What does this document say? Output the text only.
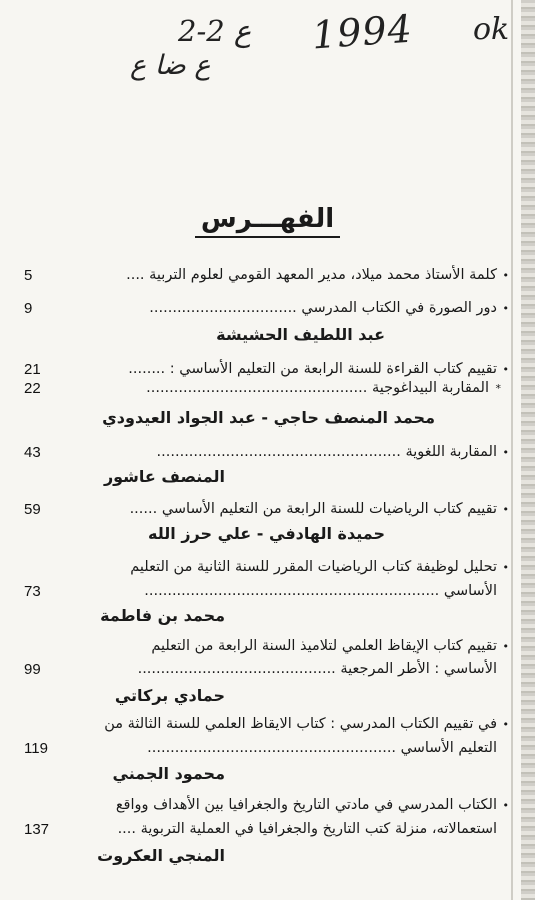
2-2 ع
ع ضا ع
1994 ok
الفهـــرس
•كلمة الأستاذ محمد ميلاد، مدير المعهد القومي لعلوم التربية ....
5
•دور الصورة في الكتاب المدرسي ................................
9
عبد اللطيف الحشيشة
•تقييم كتاب القراءة للسنة الرابعة من التعليم الأساسي : ........
21
*المقاربة البيداغوجية ................................................
22
محمد المنصف حاجي - عبد الجواد العيدودي
•المقاربة اللغوية .....................................................
43
المنصف عاشور
•تقييم كتاب الرياضيات للسنة الرابعة من التعليم الأساسي ......
59
حميدة الهادفي - علي حرز الله
•تحليل لوظيفة كتاب الرياضيات المقرر للسنة الثانية من التعليم
الأساسي ................................................................
73
محمد بن فاطمة
•تقييم كتاب الإيقاظ العلمي لتلاميذ السنة الرابعة من التعليم
الأساسي : الأطر المرجعية ...........................................
99
حمادي بركاتي
•في تقييم الكتاب المدرسي : كتاب الايقاظ العلمي للسنة الثالثة من
التعليم الأساسي ......................................................
119
محمود الجمني
•الكتاب المدرسي في مادتي التاريخ والجغرافيا بين الأهداف وواقع
استعمالاته، منزلة كتب التاريخ والجغرافيا في العملية التربوية ....
137
المنجي العكروت
